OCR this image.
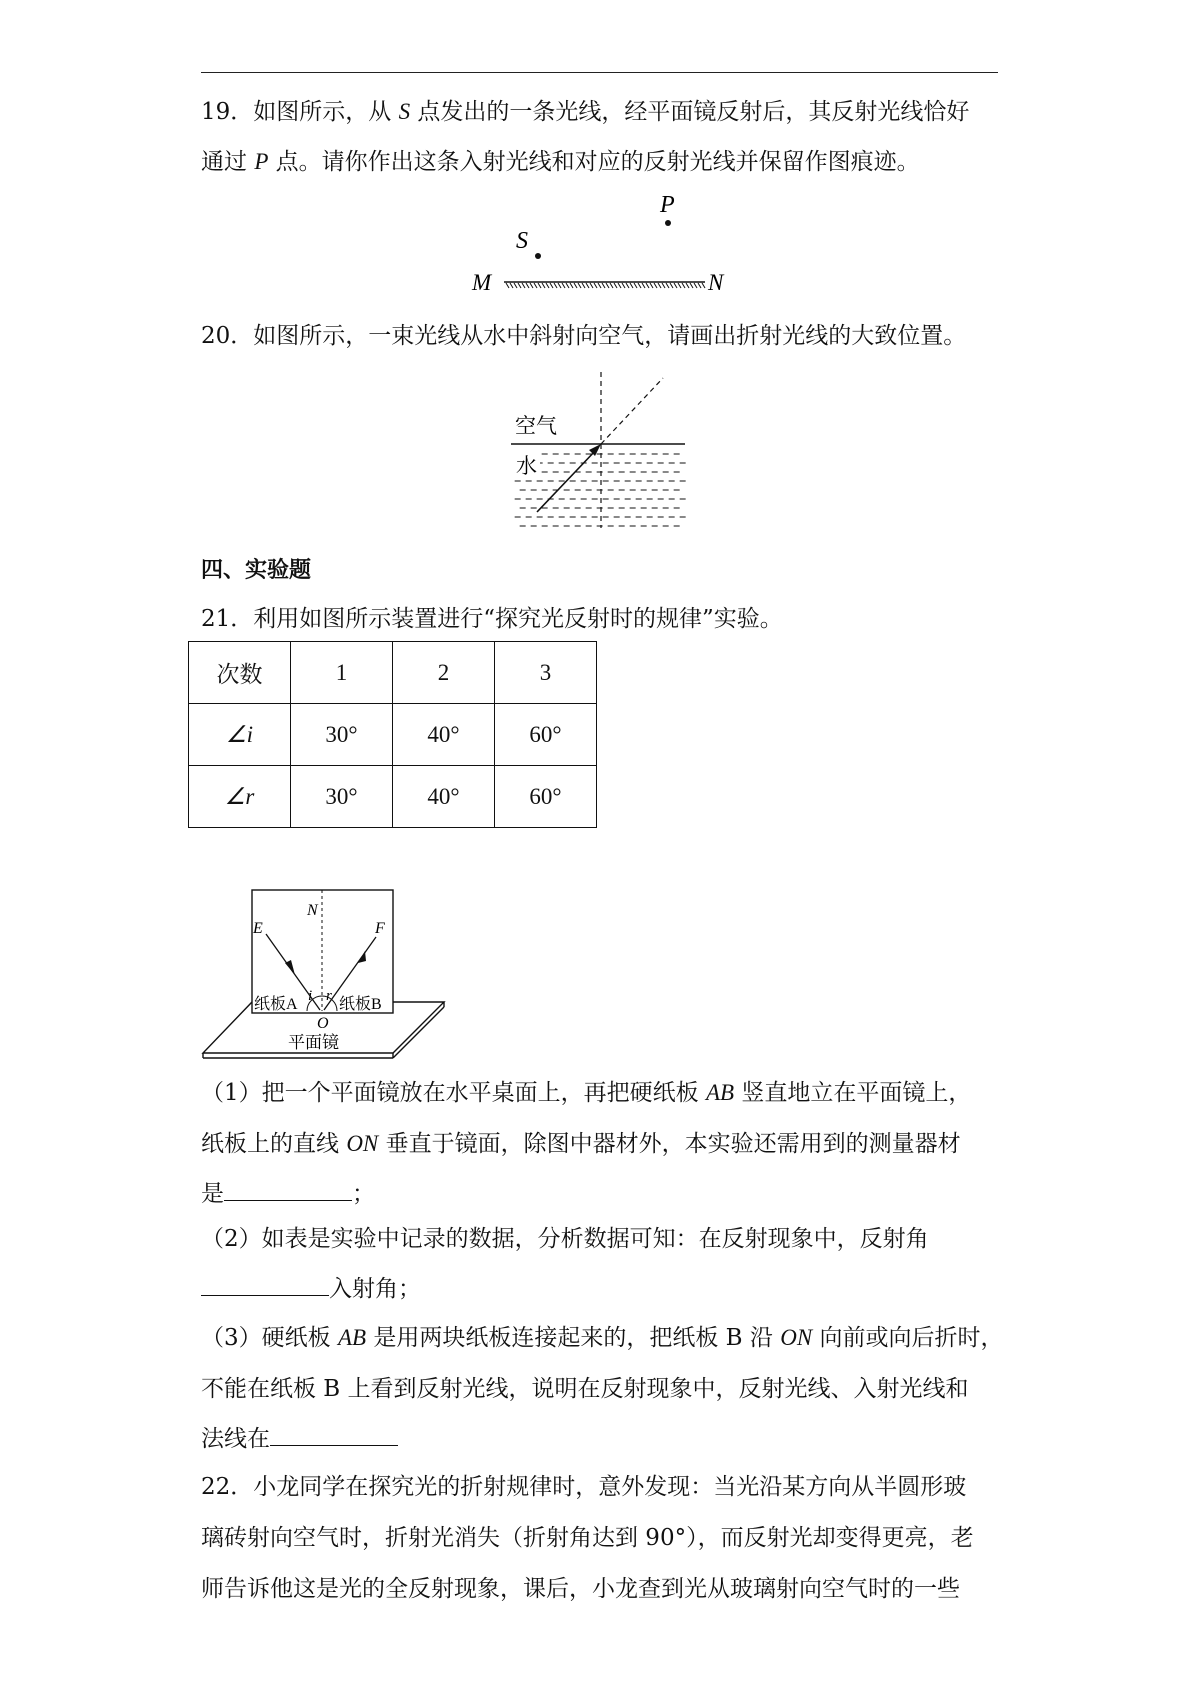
19．如图所示，从 S 点发出的一条光线，经平面镜反射后，其反射光线恰好
通过 P 点。请你作出这条入射光线和对应的反射光线并保留作图痕迹。
P
S
M	N
20．如图所示，一束光线从水中斜射向空气，请画出折射光线的大致位置。
空气
水
四、实验题
21．利用如图所示装置进行“探究光反射时的规律”实验。
次数	1	2	3
∠i	30°	40°	60°
∠r	30°	40°	60°
E
N
F
i r
纸板A	纸板B
O
平面镜
（1）把一个平面镜放在水平桌面上，再把硬纸板 AB 竖直地立在平面镜上，
纸板上的直线 ON 垂直于镜面，除图中器材外，本实验还需用到的测量器材
是	；
（2）如表是实验中记录的数据，分析数据可知：在反射现象中，反射角
入射角；
（3）硬纸板 AB 是用两块纸板连接起来的，把纸板 B 沿 ON 向前或向后折时，
不能在纸板 B 上看到反射光线，说明在反射现象中，反射光线、入射光线和
法线在
22．小龙同学在探究光的折射规律时，意外发现：当光沿某方向从半圆形玻
璃砖射向空气时，折射光消失（折射角达到 90°），而反射光却变得更亮，老
师告诉他这是光的全反射现象，课后，小龙查到光从玻璃射向空气时的一些
